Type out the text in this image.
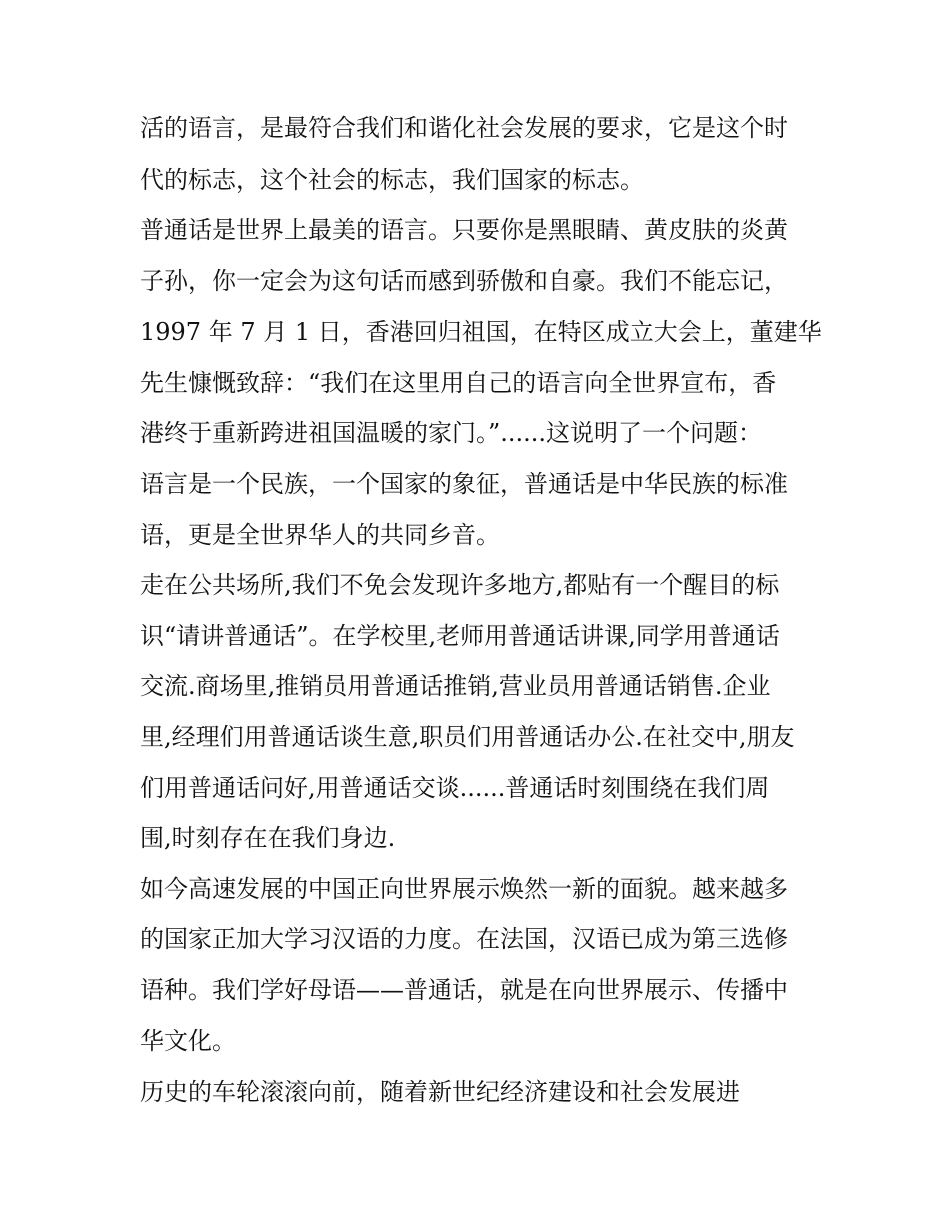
活的语言，是最符合我们和谐化社会发展的要求，它是这个时
代的标志，这个社会的标志，我们国家的标志。
普通话是世界上最美的语言。只要你是黑眼睛、黄皮肤的炎黄
子孙，你一定会为这句话而感到骄傲和自豪。我们不能忘记，
1997 年 7 月 1 日，香港回归祖国，在特区成立大会上，董建华
先生慷慨致辞：“我们在这里用自己的语言向全世界宣布，香
港终于重新跨进祖国温暖的家门。”......这说明了一个问题：
语言是一个民族，一个国家的象征，普通话是中华民族的标准
语，更是全世界华人的共同乡音。
走在公共场所,我们不免会发现许多地方,都贴有一个醒目的标
识“请讲普通话”。在学校里,老师用普通话讲课,同学用普通话
交流.商场里,推销员用普通话推销,营业员用普通话销售.企业
里,经理们用普通话谈生意,职员们用普通话办公.在社交中,朋友
们用普通话问好,用普通话交谈......普通话时刻围绕在我们周
围,时刻存在在我们身边.
如今高速发展的中国正向世界展示焕然一新的面貌。越来越多
的国家正加大学习汉语的力度。在法国，汉语已成为第三选修
语种。我们学好母语——普通话，就是在向世界展示、传播中
华文化。
历史的车轮滚滚向前，随着新世纪经济建设和社会发展进
